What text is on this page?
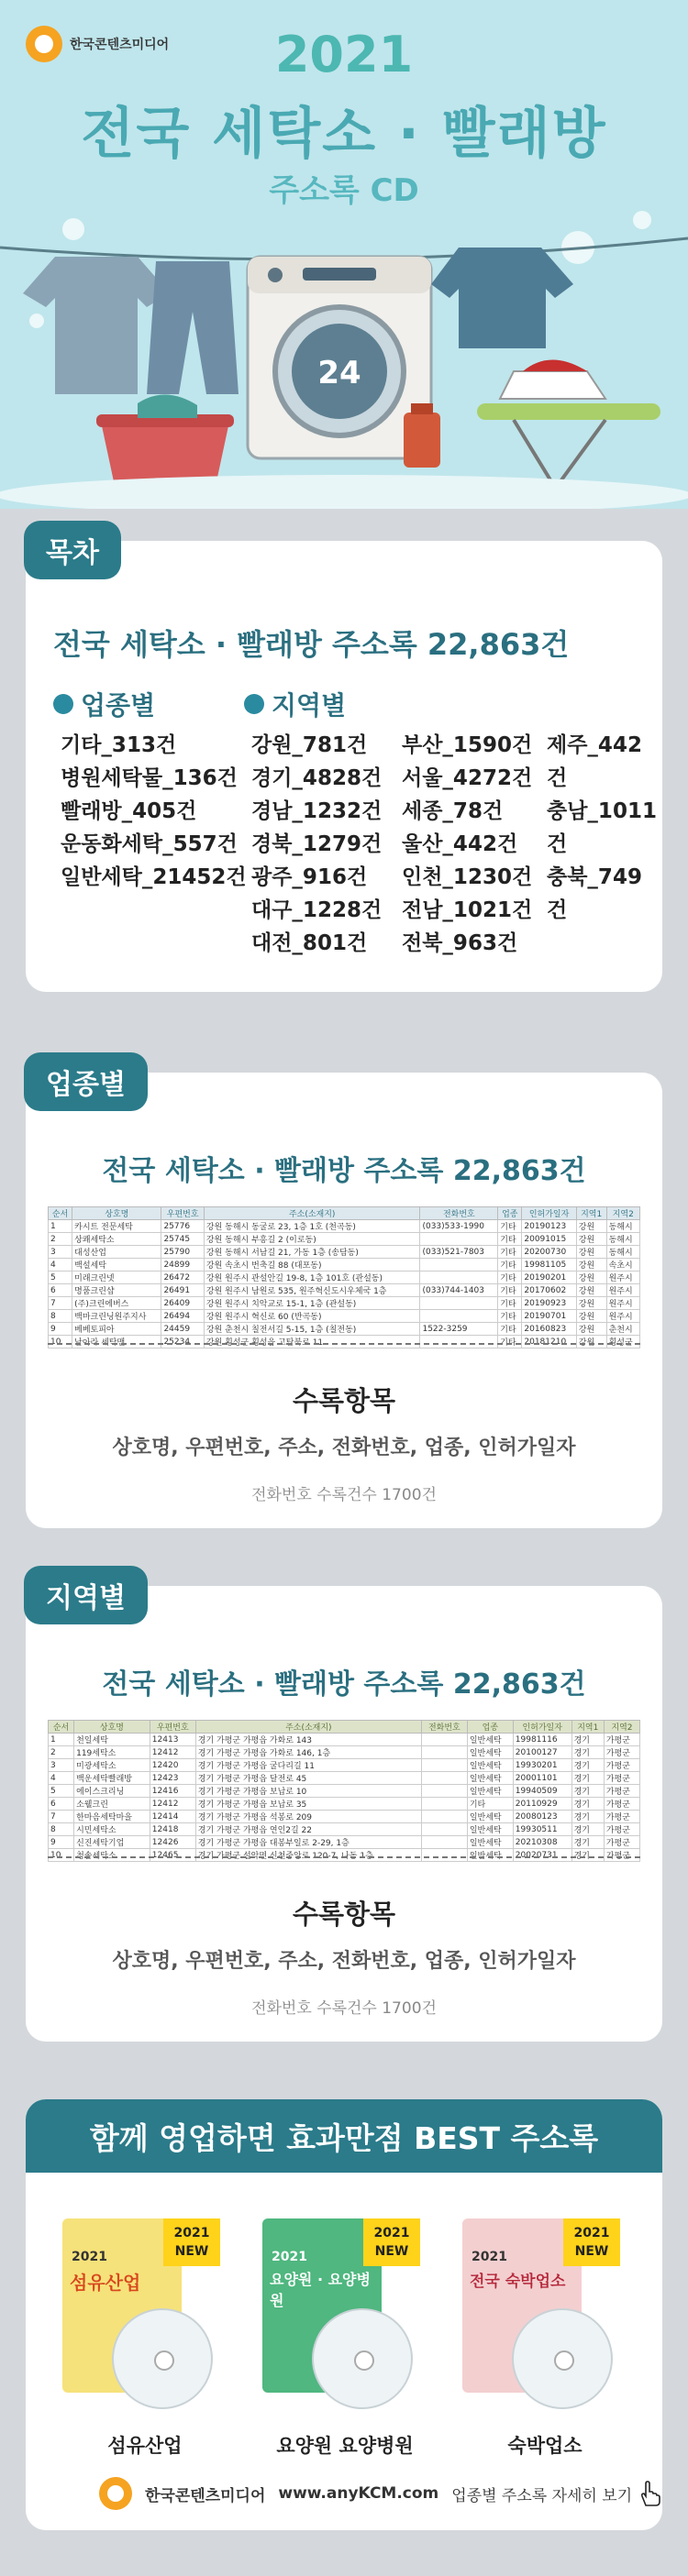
한국콘텐츠미디어	2021
전국 세탁소 · 빨래방
주소록 CD
24
목차
전국 세탁소 · 빨래방 주소록 22,863건
업종별
기타_313건
병원세탁물_136건
빨래방_405건
운동화세탁_557건
일반세탁_21452건
지역별
강원_781건
경기_4828건
경남_1232건
경북_1279건
광주_916건
대구_1228건
대전_801건
부산_1590건
서울_4272건
세종_78건
울산_442건
인천_1230건
전남_1021건
전북_963건
제주_442건
충남_1011건
충북_749건
업종별
전국 세탁소 · 빨래방 주소록 22,863건
순서	상호명	우편번호	주소(소재지)	전화번호	업종	인허가일자	지역1	지역2
1	카시트 전문세탁	25776	강원 동해시 동굴로 23, 1층 1호 (천곡동)	(033)533-1990	기타	20190123	강원	동해시
2	상쾌세탁소	25745	강원 동해시 부흥길 2 (이로동)		기타	20091015	강원	동해시
3	대성산업	25790	강원 동해시 서남길 21, 가동 1층 (송담동)	(033)521-7803	기타	20200730	강원	동해시
4	백설세탁	24899	강원 속초시 번축길 88 (대포동)		기타	19981105	강원	속초시
5	미래크린넷	26472	강원 원주시 관설안길 19-8, 1층 101호 (관설동)		기타	20190201	강원	원주시
6	명품크린샵	26491	강원 원주시 남원로 535, 원주혁신도시우체국 1층	(033)744-1403	기타	20170602	강원	원주시
7	(주)크린에버스	26409	강원 원주시 치악교로 15-1, 1층 (관설동)		기타	20190923	강원	원주시
8	백마크린닝원주지사	26494	강원 원주시 혁신로 60 (반곡동)		기타	20190701	강원	원주시
9	베베토피아	24459	강원 춘천시 칠전서길 5-15, 1층 (칠전동)	1522-3259	기타	20160823	강원	춘천시
10	날아라 세탁맨	25234	강원 횡성군 횡성읍 고탑북로 11		기타	20181210	강원	횡성군
수록항목
상호명, 우편번호, 주소, 전화번호, 업종, 인허가일자
전화번호 수록건수 1700건
지역별
전국 세탁소 · 빨래방 주소록 22,863건
순서	상호명	우편번호	주소(소재지)	전화번호	업종	인허가일자	지역1	지역2
1	천일세탁	12413	경기 가평군 가평읍 가화로 143		일반세탁	19981116	경기	가평군
2	119세탁소	12412	경기 가평군 가평읍 가화로 146, 1층		일반세탁	20100127	경기	가평군
3	미광세탁소	12420	경기 가평군 가평읍 굴다리길 11		일반세탁	19930201	경기	가평군
4	백운세탁빨래방	12423	경기 가평군 가평읍 달전로 45		일반세탁	20001101	경기	가평군
5	에이스크리닝	12416	경기 가평군 가평읍 보납로 10		일반세탁	19940509	경기	가평군
6	소웰크린	12412	경기 가평군 가평읍 보납로 35		기타	20110929	경기	가평군
7	한마음세탁마을	12414	경기 가평군 가평읍 석봉로 209		일반세탁	20080123	경기	가평군
8	시민세탁소	12418	경기 가평군 가평읍 연인2길 22		일반세탁	19930511	경기	가평군
9	신진세탁기업	12426	경기 가평군 가평읍 대봉부일로 2-29, 1층		일반세탁	20210308	경기	가평군
10	청솔세탁소	12465	경기 가평군 설악면 신천중앙로 120-7, 나동 1층		일반세탁	20020731	경기	가평군
수록항목
상호명, 우편번호, 주소, 전화번호, 업종, 인허가일자
전화번호 수록건수 1700건
함께 영업하면 효과만점 BEST 주소록
2021
섬유산업
2021 NEW
섬유산업
2021
요양원 · 요양병원
2021 NEW
요양원 요양병원
2021
전국 숙박업소
2021 NEW
숙박업소
한국콘텐츠미디어 www.anyKCM.com 업종별 주소록 자세히 보기
